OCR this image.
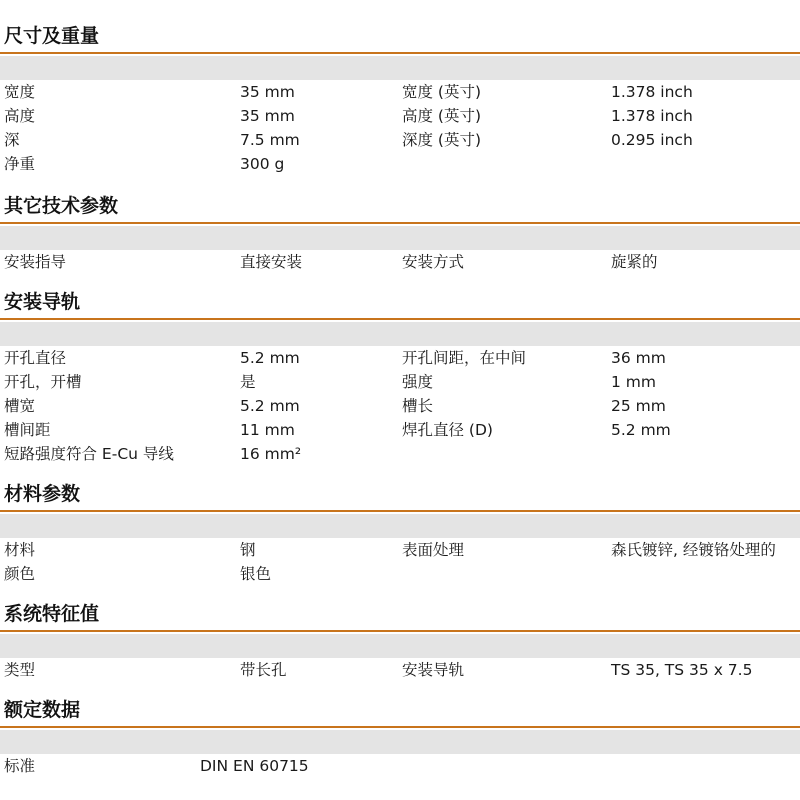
尺寸及重量
宽度	35 mm	宽度 (英寸)	1.378 inch
高度	35 mm	高度 (英寸)	1.378 inch
深	7.5 mm	深度 (英寸)	0.295 inch
净重	300 g
其它技术参数
安装指导	直接安装	安装方式	旋紧的
安装导轨
开孔直径	5.2 mm	开孔间距，在中间	36 mm
开孔，开槽	是	强度	1 mm
槽宽	5.2 mm	槽长	25 mm
槽间距	11 mm	焊孔直径 (D)	5.2 mm
短路强度符合 E-Cu 导线	16 mm²
材料参数
材料	钢	表面处理	森氏镀锌, 经镀铬处理的
颜色	银色
系统特征值
类型	带长孔	安装导轨	TS 35, TS 35 x 7.5
额定数据
标准	DIN EN 60715
